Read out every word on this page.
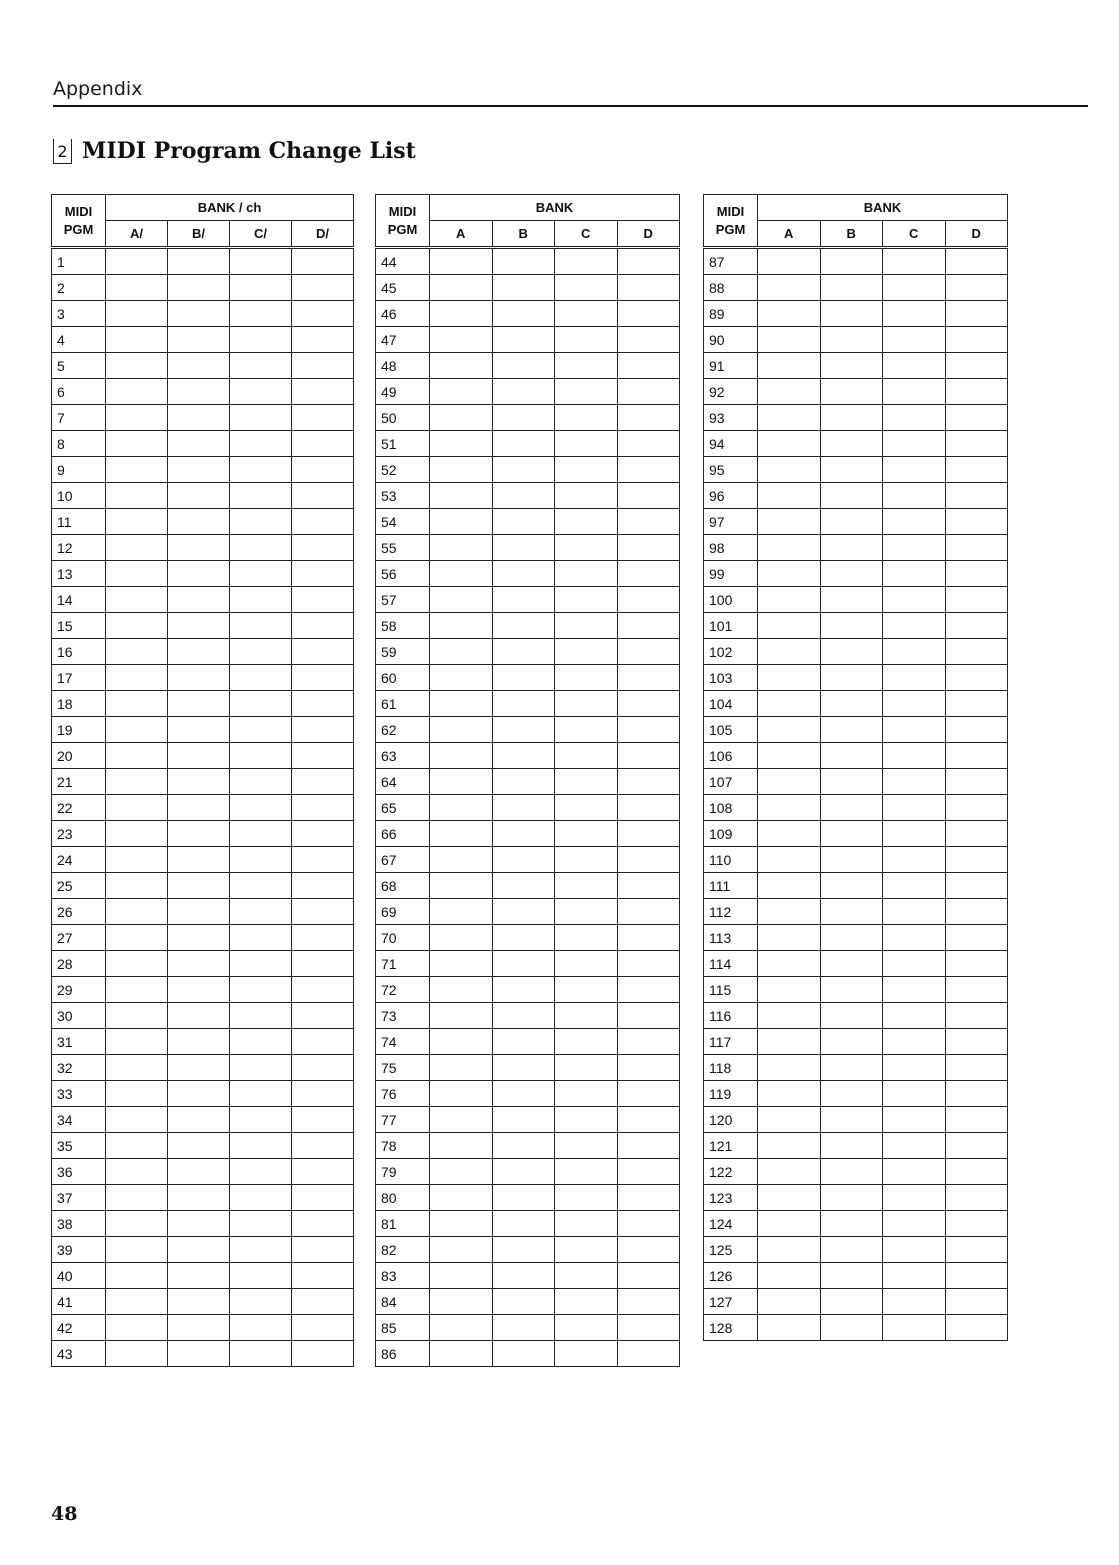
Appendix
2 MIDI Program Change List
MIDI
PGM	BANK / ch			
	A/	B/	C/	D/
1				
2				
3				
4				
5				
6				
7				
8				
9				
10				
11				
12				
13				
14				
15				
16				
17				
18				
19				
20				
21				
22				
23				
24				
25				
26				
27				
28				
29				
30				
31				
32				
33				
34				
35				
36				
37				
38				
39				
40				
41				
42				
43				
MIDI
PGM	BANK			
	A	B	C	D
44				
45				
46				
47				
48				
49				
50				
51				
52				
53				
54				
55				
56				
57				
58				
59				
60				
61				
62				
63				
64				
65				
66				
67				
68				
69				
70				
71				
72				
73				
74				
75				
76				
77				
78				
79				
80				
81				
82				
83				
84				
85				
86				
MIDI
PGM	BANK			
	A	B	C	D
87				
88				
89				
90				
91				
92				
93				
94				
95				
96				
97				
98				
99				
100				
101				
102				
103				
104				
105				
106				
107				
108				
109				
110				
111				
112				
113				
114				
115				
116				
117				
118				
119				
120				
121				
122				
123				
124				
125				
126				
127				
128				
48
